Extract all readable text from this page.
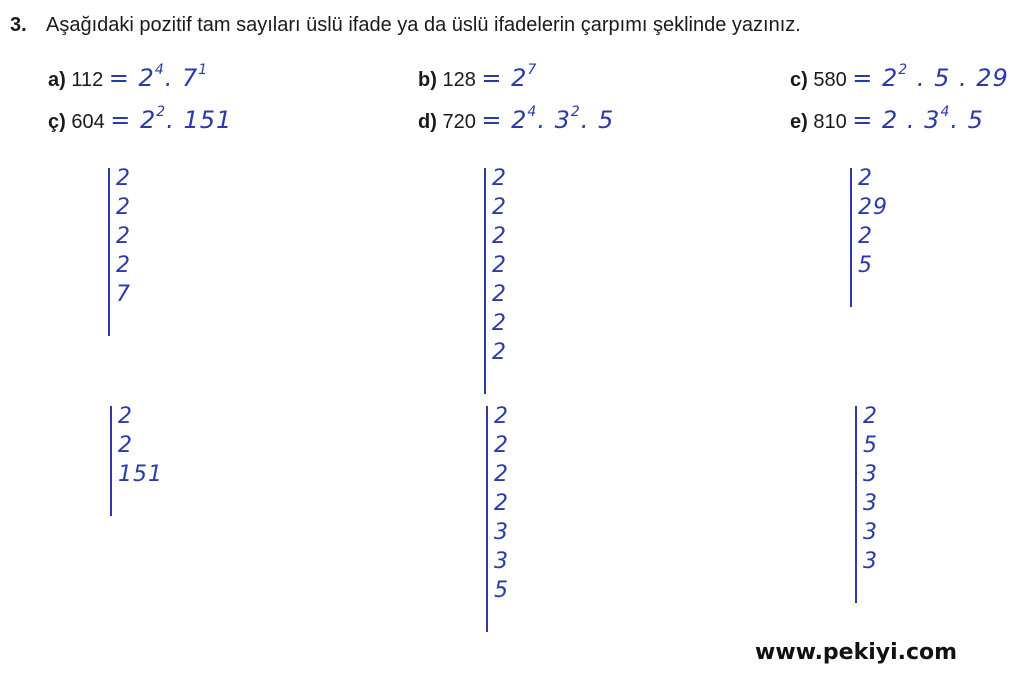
3. Aşağıdaki pozitif tam sayıları üslü ifade ya da üslü ifadelerin çarpımı şeklinde yazınız.
a) $112 = 2^4$. $7^1$	b) $128 = 2^7$	c) $580 = 2^2$ . 5 . 29
ç) $604 = 2^2$. 151	d) $720 = 2^4$. $3^2$. 5	e) 810 = 2 . $3^4$. 5
2
2
2
2
7
2
2
2
2
2
2
2
2
29
2
5
2
2
151
2
2
2
2
3
3
5
2
5
3
3
3
3
www.pekiyi.com
